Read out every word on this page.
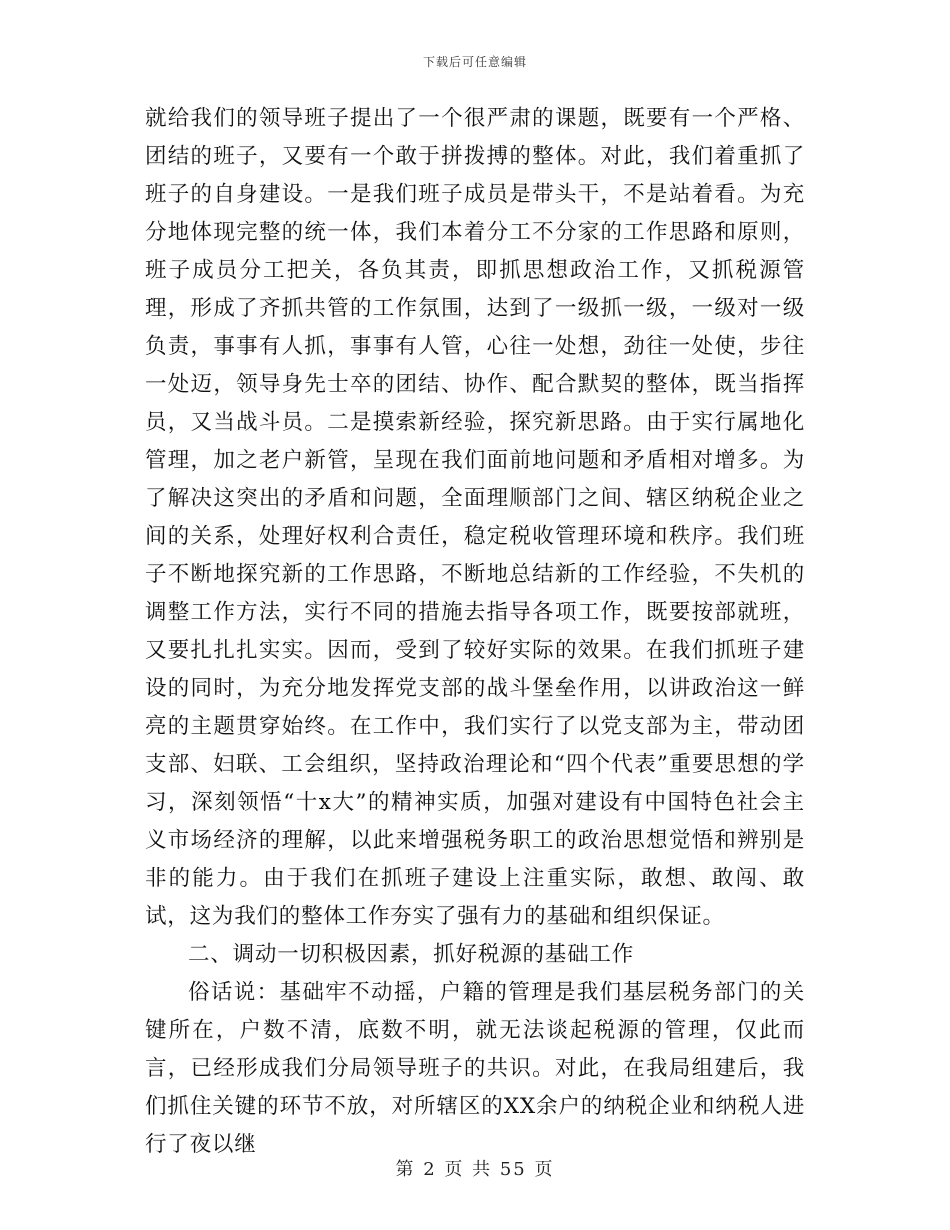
下载后可任意编辑

就给我们的领导班子提出了一个很严肃的课题，既要有一个严格、团结的班子，又要有一个敢于拼拨搏的整体。对此，我们着重抓了班子的自身建设。一是我们班子成员是带头干，不是站着看。为充分地体现完整的统一体，我们本着分工不分家的工作思路和原则，班子成员分工把关，各负其责，即抓思想政治工作，又抓税源管理，形成了齐抓共管的工作氛围，达到了一级抓一级，一级对一级负责，事事有人抓，事事有人管，心往一处想，劲往一处使，步往一处迈，领导身先士卒的团结、协作、配合默契的整体，既当指挥员，又当战斗员。二是摸索新经验，探究新思路。由于实行属地化管理，加之老户新管，呈现在我们面前地问题和矛盾相对增多。为了解决这突出的矛盾和问题，全面理顺部门之间、辖区纳税企业之间的关系，处理好权利合责任，稳定税收管理环境和秩序。我们班子不断地探究新的工作思路，不断地总结新的工作经验，不失机的调整工作方法，实行不同的措施去指导各项工作，既要按部就班，又要扎扎扎实实。因而，受到了较好实际的效果。在我们抓班子建设的同时，为充分地发挥党支部的战斗堡垒作用，以讲政治这一鲜亮的主题贯穿始终。在工作中，我们实行了以党支部为主，带动团支部、妇联、工会组织，坚持政治理论和“四个代表”重要思想的学习，深刻领悟“十x大”的精神实质，加强对建设有中国特色社会主义市场经济的理解，以此来增强税务职工的政治思想觉悟和辨别是非的能力。由于我们在抓班子建设上注重实际，敢想、敢闯、敢试，这为我们的整体工作夯实了强有力的基础和组织保证。

二、调动一切积极因素，抓好税源的基础工作

俗话说：基础牢不动摇，户籍的管理是我们基层税务部门的关键所在，户数不清，底数不明，就无法谈起税源的管理，仅此而言，已经形成我们分局领导班子的共识。对此，在我局组建后，我们抓住关键的环节不放，对所辖区的XX余户的纳税企业和纳税人进行了夜以继

第 2 页 共 55 页
